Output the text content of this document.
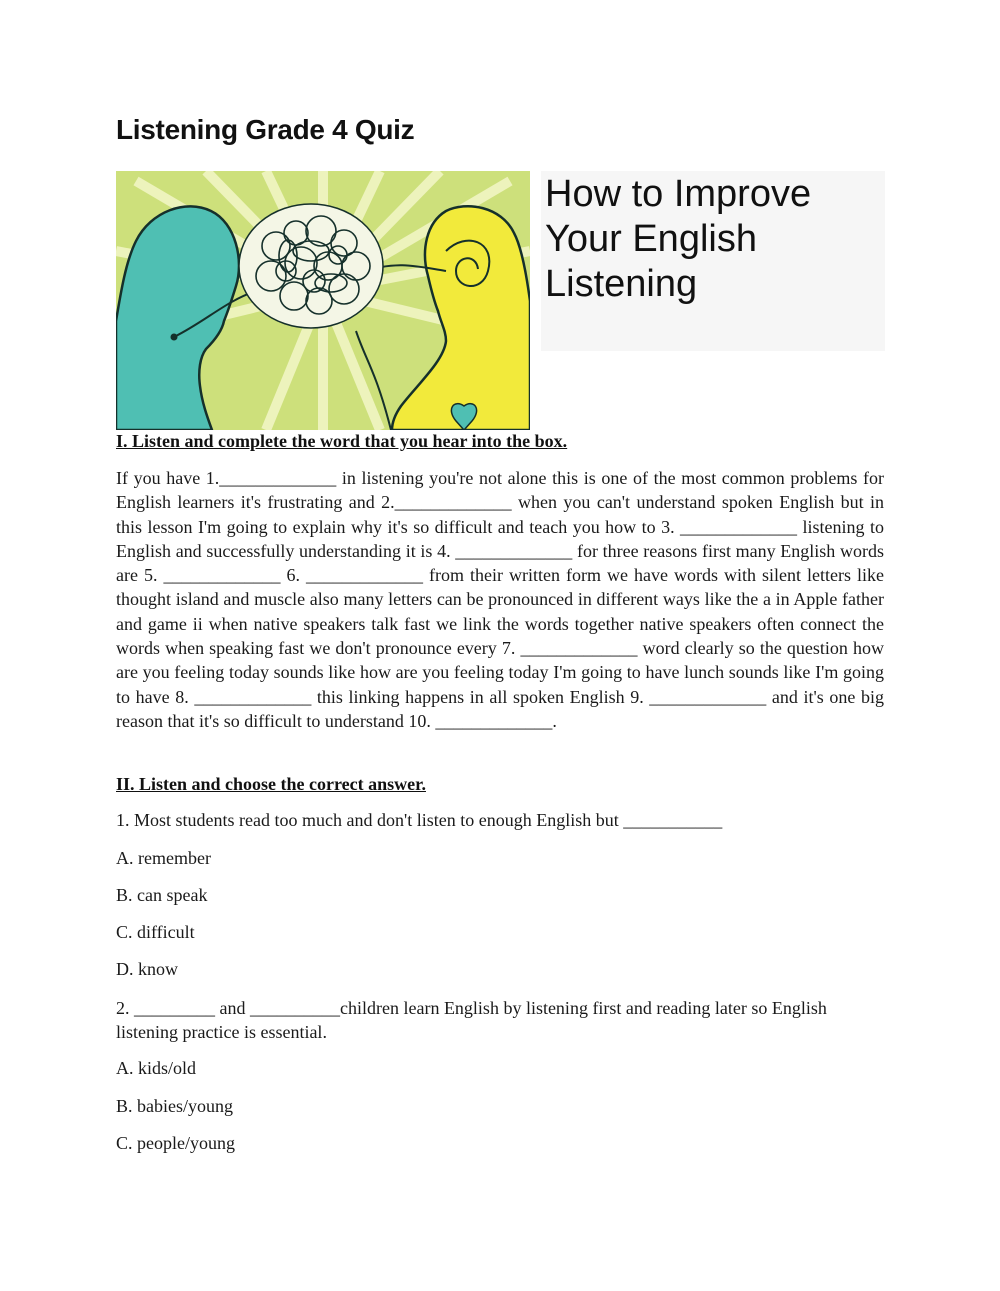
Listening Grade 4 Quiz
How to Improve Your English Listening
I. Listen and complete the word that you hear into the box.

If you have 1._____________ in listening you're not alone this is one of the most common problems for English learners it's frustrating and 2._____________ when you can't understand spoken English but in this lesson I'm going to explain why it's so difficult and teach you how to 3. _____________ listening to English and successfully understanding it is 4. _____________ for three reasons first many English words are 5. _____________ 6. _____________ from their written form we have words with silent letters like thought island and muscle also many letters can be pronounced in different ways like the a in Apple father and game ii when native speakers talk fast we link the words together native speakers often connect the words when speaking fast we don't pronounce every 7. _____________ word clearly so the question how are you feeling today sounds like how are you feeling today I'm going to have lunch sounds like I'm going to have 8. _____________ this linking happens in all spoken English 9. _____________ and it's one big reason that it's so difficult to understand 10. _____________.

II. Listen and choose the correct answer.

1. Most students read too much and don't listen to enough English but ___________

A. remember

B. can speak

C. difficult

D. know

2. _________ and __________children learn English by listening first and reading later so English listening practice is essential.

A. kids/old

B. babies/young

C. people/young
